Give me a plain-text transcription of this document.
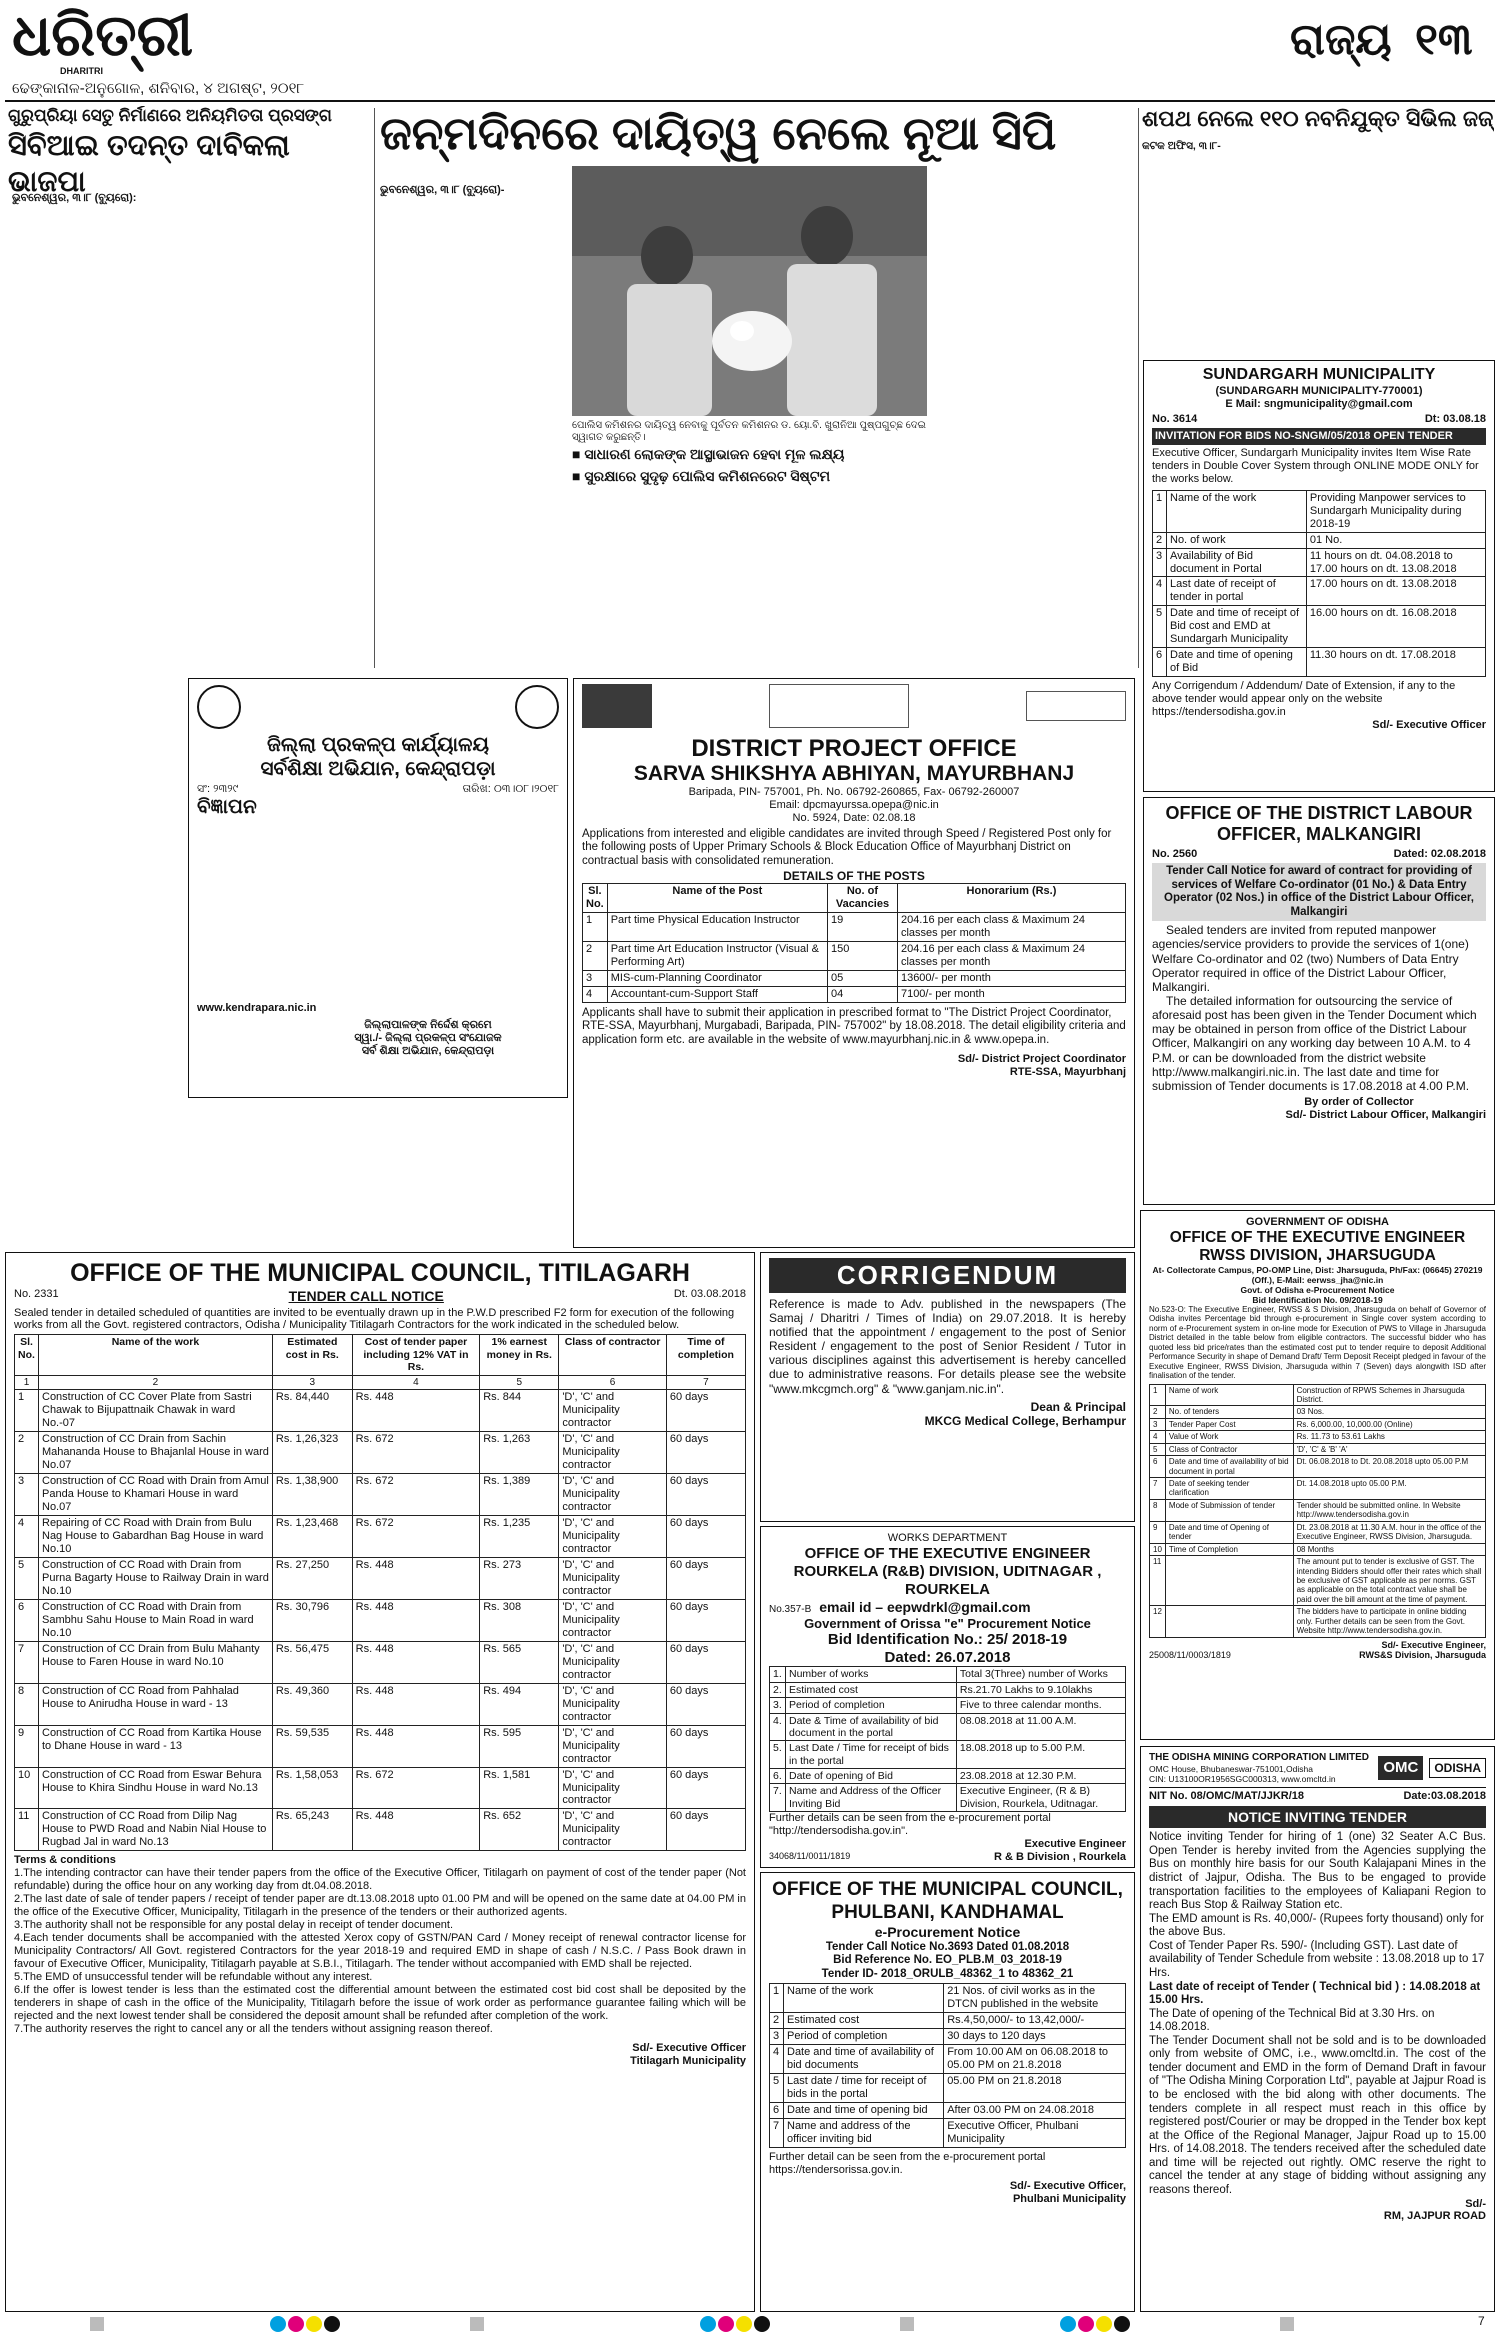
ଧରିତ୍ରୀ
DHARITRI
ଢେଙ୍କାନାଳ-ଅନୁଗୋଳ, ଶନିବାର, ୪ ଅଗଷ୍ଟ, ୨୦୧୮
ରାଜ୍ୟ ୧୩
ଗୁରୁପ୍ରିୟା ସେତୁ ନିର୍ମାଣରେ ଅନିୟମିତତା ପ୍ରସଙ୍ଗ
ସିବିଆଇ ତଦନ୍ତ ଦାବିକଲା ଭାଜପା
ଭୁବନେଶ୍ୱର, ୩।୮ (ବ୍ୟୁରୋ):
ଜନ୍ମଦିନରେ ଦାୟିତ୍ୱ ନେଲେ ନୂଆ ସିପି
ଭୁବନେଶ୍ୱର, ୩।୮ (ବ୍ୟୁରୋ)-
ପୋଲିସ କମିଶନର ଦାୟିତ୍ୱ ନେବାକୁ ପୂର୍ବତନ କମିଶନର ଡ. ୟୋ.ବି. ଖୁରାନିଆ ପୁଷ୍ପଗୁଚ୍ଛ ଦେଇ ସ୍ୱାଗତ କରୁଛନ୍ତି।
■ ସାଧାରଣ ଲୋକଙ୍କ ଆସ୍ଥାଭାଜନ ହେବା ମୂଳ ଲକ୍ଷ୍ୟ
■ ସୁରକ୍ଷାରେ ସୁଦୃଢ଼ ପୋଲିସ କମିଶନରେଟ ସିଷ୍ଟମ
ଶପଥ ନେଲେ ୧୧୦ ନବନିଯୁକ୍ତ ସିଭିଲ ଜଜ୍
କଟକ ଅଫିସ, ୩।୮-
SUNDARGARH MUNICIPALITY
(SUNDARGARH MUNICIPALITY-770001)
E Mail: sngmunicipality@gmail.com
No. 3614	Dt: 03.08.18
INVITATION FOR BIDS NO-SNGM/05/2018 OPEN TENDER
Executive Officer, Sundargarh Municipality invites Item Wise Rate tenders in Double Cover System through ONLINE MODE ONLY for the works below.
1	Name of the work	Providing Manpower services to Sundargarh Municipality during 2018-19
2	No. of work	01 No.
3	Availability of Bid document in Portal	11 hours on dt. 04.08.2018 to 17.00 hours on dt. 13.08.2018
4	Last date of receipt of tender in portal	17.00 hours on dt. 13.08.2018
5	Date and time of receipt of Bid cost and EMD at Sundargarh Municipality	16.00 hours on dt. 16.08.2018
6	Date and time of opening of Bid	11.30 hours on dt. 17.08.2018
Any Corrigendum / Addendum/ Date of Extension, if any to the above tender would appear only on the website https://tendersodisha.gov.in
Sd/- Executive Officer
OFFICE OF THE DISTRICT LABOUR OFFICER, MALKANGIRI
No. 2560	Dated: 02.08.2018
Tender Call Notice for award of contract for providing of services of Welfare Co-ordinator (01 No.) & Data Entry Operator (02 Nos.) in office of the District Labour Officer, Malkangiri
Sealed tenders are invited from reputed manpower agencies/service providers to provide the services of 1(one) Welfare Co-ordinator and 02 (two) Numbers of Data Entry Operator required in office of the District Labour Officer, Malkangiri.
The detailed information for outsourcing the service of aforesaid post has been given in the Tender Document which may be obtained in person from office of the District Labour Officer, Malkangiri on any working day between 10 A.M. to 4 P.M. or can be downloaded from the district website http://www.malkangiri.nic.in. The last date and time for submission of Tender documents is 17.08.2018 at 4.00 P.M.
By order of Collector
Sd/- District Labour Officer, Malkangiri
ଜିଲ୍ଲା ପ୍ରକଳ୍ପ କାର୍ଯ୍ୟାଳୟ
ସର୍ବଶିକ୍ଷା ଅଭିଯାନ, କେନ୍ଦ୍ରାପଡ଼ା
ସଂ: ୨୩୨୯	ତାରିଖ: ୦୩।୦୮।୨୦୧୮
ବିଜ୍ଞାପନ
www.kendrapara.nic.in
ଜିଲ୍ଲାପାଳଙ୍କ ନିର୍ଦ୍ଦେଶ କ୍ରମେ
ସ୍ୱା./- ଜିଲ୍ଲା ପ୍ରକଳ୍ପ ସଂଯୋଜକ
ସର୍ବ ଶିକ୍ଷା ଅଭିଯାନ, କେନ୍ଦ୍ରାପଡ଼ା
DISTRICT PROJECT OFFICE
SARVA SHIKSHYA ABHIYAN, MAYURBHANJ
Baripada, PIN- 757001, Ph. No. 06792-260865, Fax- 06792-260007
Email: dpcmayurssa.opepa@nic.in
No. 5924, Date: 02.08.18
Applications from interested and eligible candidates are invited through Speed / Registered Post only for the following posts of Upper Primary Schools & Block Education Office of Mayurbhanj District on contractual basis with consolidated remuneration.
DETAILS OF THE POSTS
Sl. No.	Name of the Post	No. of Vacancies	Honorarium (Rs.)
1	Part time Physical Education Instructor	19	204.16 per each class & Maximum 24 classes per month
2	Part time Art Education Instructor (Visual & Performing Art)	150	204.16 per each class & Maximum 24 classes per month
3	MIS-cum-Planning Coordinator	05	13600/- per month
4	Accountant-cum-Support Staff	04	7100/- per month
Applicants shall have to submit their application in prescribed format to "The District Project Coordinator, RTE-SSA, Mayurbhanj, Murgabadi, Baripada, PIN- 757002" by 18.08.2018. The detail eligibility criteria and application form etc. are available in the website of www.mayurbhanj.nic.in & www.opepa.in.
Sd/- District Project Coordinator
RTE-SSA, Mayurbhanj
OFFICE OF THE MUNICIPAL COUNCIL, TITILAGARH
No. 2331	TENDER CALL NOTICE	Dt. 03.08.2018
Sealed tender in detailed scheduled of quantities are invited to be eventually drawn up in the P.W.D prescribed F2 form for execution of the following works from all the Govt. registered contractors, Odisha / Municipality Titilagarh Contractors for the work indicated in the scheduled below.
Sl. No.	Name of the work	Estimated cost in Rs.	Cost of tender paper including 12% VAT in Rs.	1% earnest money in Rs.	Class of contractor	Time of completion
1	2	3	4	5	6	7
1	Construction of CC Cover Plate from Sastri Chawak to Bijupattnaik Chawak in ward No.-07	Rs. 84,440	Rs. 448	Rs. 844	'D', 'C' and Municipality contractor	60 days
2	Construction of CC Drain from Sachin Mahananda House to Bhajanlal House in ward No.07	Rs. 1,26,323	Rs. 672	Rs. 1,263	'D', 'C' and Municipality contractor	60 days
3	Construction of CC Road with Drain from Amul Panda House to Khamari House in ward No.07	Rs. 1,38,900	Rs. 672	Rs. 1,389	'D', 'C' and Municipality contractor	60 days
4	Repairing of CC Road with Drain from Bulu Nag House to Gabardhan Bag House in ward No.10	Rs. 1,23,468	Rs. 672	Rs. 1,235	'D', 'C' and Municipality contractor	60 days
5	Construction of CC Road with Drain from Purna Bagarty House to Railway Drain in ward No.10	Rs. 27,250	Rs. 448	Rs. 273	'D', 'C' and Municipality contractor	60 days
6	Construction of CC Road with Drain from Sambhu Sahu House to Main Road in ward No.10	Rs. 30,796	Rs. 448	Rs. 308	'D', 'C' and Municipality contractor	60 days
7	Construction of CC Drain from Bulu Mahanty House to Faren House in ward No.10	Rs. 56,475	Rs. 448	Rs. 565	'D', 'C' and Municipality contractor	60 days
8	Construction of CC Road from Pahhalad House to Anirudha House in ward - 13	Rs. 49,360	Rs. 448	Rs. 494	'D', 'C' and Municipality contractor	60 days
9	Construction of CC Road from Kartika House to Dhane House in ward - 13	Rs. 59,535	Rs. 448	Rs. 595	'D', 'C' and Municipality contractor	60 days
10	Construction of CC Road from Eswar Behura House to Khira Sindhu House in ward No.13	Rs. 1,58,053	Rs. 672	Rs. 1,581	'D', 'C' and Municipality contractor	60 days
11	Construction of CC Road from Dilip Nag House to PWD Road and Nabin Nial House to Rugbad Jal in ward No.13	Rs. 65,243	Rs. 448	Rs. 652	'D', 'C' and Municipality contractor	60 days
Terms & conditions
1.The intending contractor can have their tender papers from the office of the Executive Officer, Titilagarh on payment of cost of the tender paper (Not refundable) during the office hour on any working day from dt.04.08.2018.
2.The last date of sale of tender papers / receipt of tender paper are dt.13.08.2018 upto 01.00 PM and will be opened on the same date at 04.00 PM in the office of the Executive Officer, Municipality, Titilagarh in the presence of the tenders or their authorized agents.
3.The authority shall not be responsible for any postal delay in receipt of tender document.
4.Each tender documents shall be accompanied with the attested Xerox copy of GSTN/PAN Card / Money receipt of renewal contractor license for Municipality Contractors/ All Govt. registered Contractors for the year 2018-19 and required EMD in shape of cash / N.S.C. / Pass Book drawn in favour of Executive Officer, Municipality, Titilagarh payable at S.B.I., Titilagarh. The tender without accompanied with EMD shall be rejected.
5.The EMD of unsuccessful tender will be refundable without any interest.
6.If the offer is lowest tender is less than the estimated cost the differential amount between the estimated cost bid cost shall be deposited by the tenderers in shape of cash in the office of the Municipality, Titilagarh before the issue of work order as performance guarantee failing which will be rejected and the next lowest tender shall be considered the deposit amount shall be refunded after completion of the work.
7.The authority reserves the right to cancel any or all the tenders without assigning reason thereof.
Sd/- Executive Officer
Titilagarh Municipality
CORRIGENDUM
Reference is made to Adv. published in the newspapers (The Samaj / Dharitri / Times of India) on 29.07.2018. It is hereby notified that the appointment / engagement to the post of Senior Resident / engagement to the post of Senior Resident / Tutor in various disciplines against this advertisement is hereby cancelled due to administrative reasons. For details please see the website "www.mkcgmch.org" & "www.ganjam.nic.in".
Dean & Principal
MKCG Medical College, Berhampur
WORKS DEPARTMENT
OFFICE OF THE EXECUTIVE ENGINEER ROURKELA (R&B) DIVISION, UDITNAGAR , ROURKELA
No.357-B email id – eepwdrkl@gmail.com
Government of Orissa "e" Procurement Notice
Bid Identification No.: 25/ 2018-19
Dated: 26.07.2018
1.	Number of works	Total 3(Three) number of Works
2.	Estimated cost	Rs.21.70 Lakhs to 9.10lakhs
3.	Period of completion	Five to three calendar months.
4.	Date & Time of availability of bid document in the portal	08.08.2018 at 11.00 A.M.
5.	Last Date / Time for receipt of bids in the portal	18.08.2018 up to 5.00 P.M.
6.	Date of opening of Bid	23.08.2018 at 12.30 P.M.
7.	Name and Address of the Officer Inviting Bid	Executive Engineer, (R & B) Division, Rourkela, Uditnagar.
Further details can be seen from the e-procurement portal "http://tendersodisha.gov.in".
Executive Engineer
34068/11/0011/1819	R & B Division , Rourkela
OFFICE OF THE MUNICIPAL COUNCIL, PHULBANI, KANDHAMAL
e-Procurement Notice
Tender Call Notice No.3693 Dated 01.08.2018
Bid Reference No. EO_PLB.M_03_2018-19
Tender ID- 2018_ORULB_48362_1 to 48362_21
1	Name of the work	21 Nos. of civil works as in the DTCN published in the website
2	Estimated cost	Rs.4,50,000/- to 13,42,000/-
3	Period of completion	30 days to 120 days
4	Date and time of availability of bid documents	From 10.00 AM on 06.08.2018 to 05.00 PM on 21.8.2018
5	Last date / time for receipt of bids in the portal	05.00 PM on 21.8.2018
6	Date and time of opening bid	After 03.00 PM on 24.08.2018
7	Name and address of the officer inviting bid	Executive Officer, Phulbani Municipality
Further detail can be seen from the e-procurement portal https://tendersorissa.gov.in.
Sd/- Executive Officer,
Phulbani Municipality
GOVERNMENT OF ODISHA
OFFICE OF THE EXECUTIVE ENGINEER RWSS DIVISION, JHARSUGUDA
At- Collectorate Campus, PO-OMP Line, Dist: Jharsuguda, Ph/Fax: (06645) 270219 (Off.), E-Mail: eerwss_jha@nic.in
Govt. of Odisha e-Procurement Notice
Bid Identification No. 09/2018-19
No.523-O: The Executive Engineer, RWSS & S Division, Jharsuguda on behalf of Governor of Odisha invites Percentage bid through e-procurement in Single cover system according to norm of e-Procurement system in on-line mode for Execution of PWS to Village in Jharsuguda District detailed in the table below from eligible contractors. The successful bidder who has quoted less bid price/rates than the estimated cost put to tender require to deposit Additional Performance Security in shape of Demand Draft/ Term Deposit Receipt pledged in favour of the Executive Engineer, RWSS Division, Jharsuguda within 7 (Seven) days alongwith ISD after finalisation of the tender.
1	Name of work	Construction of RPWS Schemes in Jharsuguda District.
2	No. of tenders	03 Nos.
3	Tender Paper Cost	Rs. 6,000.00, 10,000.00 (Online)
4	Value of Work	Rs. 11.73 to 53.61 Lakhs
5	Class of Contractor	'D', 'C' & 'B' 'A'
6	Date and time of availability of bid document in portal	Dt. 06.08.2018 to Dt. 20.08.2018 upto 05.00 P.M
7	Date of seeking tender clarification	Dt. 14.08.2018 upto 05.00 P.M.
8	Mode of Submission of tender	Tender should be submitted online. In Website http://www.tendersodisha.gov.in
9	Date and time of Opening of tender	Dt. 23.08.2018 at 11.30 A.M. hour in the office of the Executive Engineer, RWSS Division, Jharsuguda.
10	Time of Completion	08 Months
11		The amount put to tender is exclusive of GST. The intending Bidders should offer their rates which shall be exclusive of GST applicable as per norms. GST as applicable on the total contract value shall be paid over the bill amount at the time of payment.
12		The bidders have to participate in online bidding only. Further details can be seen from the Govt. Website http://www.tendersodisha.gov.in.
Sd/- Executive Engineer,
25008/11/0003/1819	RWS&S Division, Jharsuguda
THE ODISHA MINING CORPORATION LIMITED
OMC House, Bhubaneswar-751001,Odisha
CIN: U13100OR1956SGC000313, www.omcltd.in
OMC	ODISHA
NIT No. 08/OMC/MAT/JJKR/18	Date:03.08.2018
NOTICE INVITING TENDER
Notice inviting Tender for hiring of 1 (one) 32 Seater A.C Bus. Open Tender is hereby invited from the Agencies supplying the Bus on monthly hire basis for our South Kalajapani Mines in the district of Jajpur, Odisha. The Bus to be engaged to provide transportation facilities to the employees of Kaliapani Region to reach Bus Stop & Railway Station etc.
The EMD amount is Rs. 40,000/- (Rupees forty thousand) only for the above Bus.
Cost of Tender Paper Rs. 590/- (Including GST). Last date of availability of Tender Schedule from website : 13.08.2018 up to 17 Hrs.
Last date of receipt of Tender ( Technical bid ) : 14.08.2018 at 15.00 Hrs.
The Date of opening of the Technical Bid at 3.30 Hrs. on 14.08.2018.
The Tender Document shall not be sold and is to be downloaded only from website of OMC, i.e., www.omcltd.in. The cost of the tender document and EMD in the form of Demand Draft in favour of "The Odisha Mining Corporation Ltd", payable at Jajpur Road is to be enclosed with the bid along with other documents. The tenders complete in all respect must reach in this office by registered post/Courier or may be dropped in the Tender box kept at the Office of the Regional Manager, Jajpur Road up to 15.00 Hrs. of 14.08.2018. The tenders received after the scheduled date and time will be rejected out rightly. OMC reserve the right to cancel the tender at any stage of bidding without assigning any reasons thereof.
Sd/-
RM, JAJPUR ROAD
7
